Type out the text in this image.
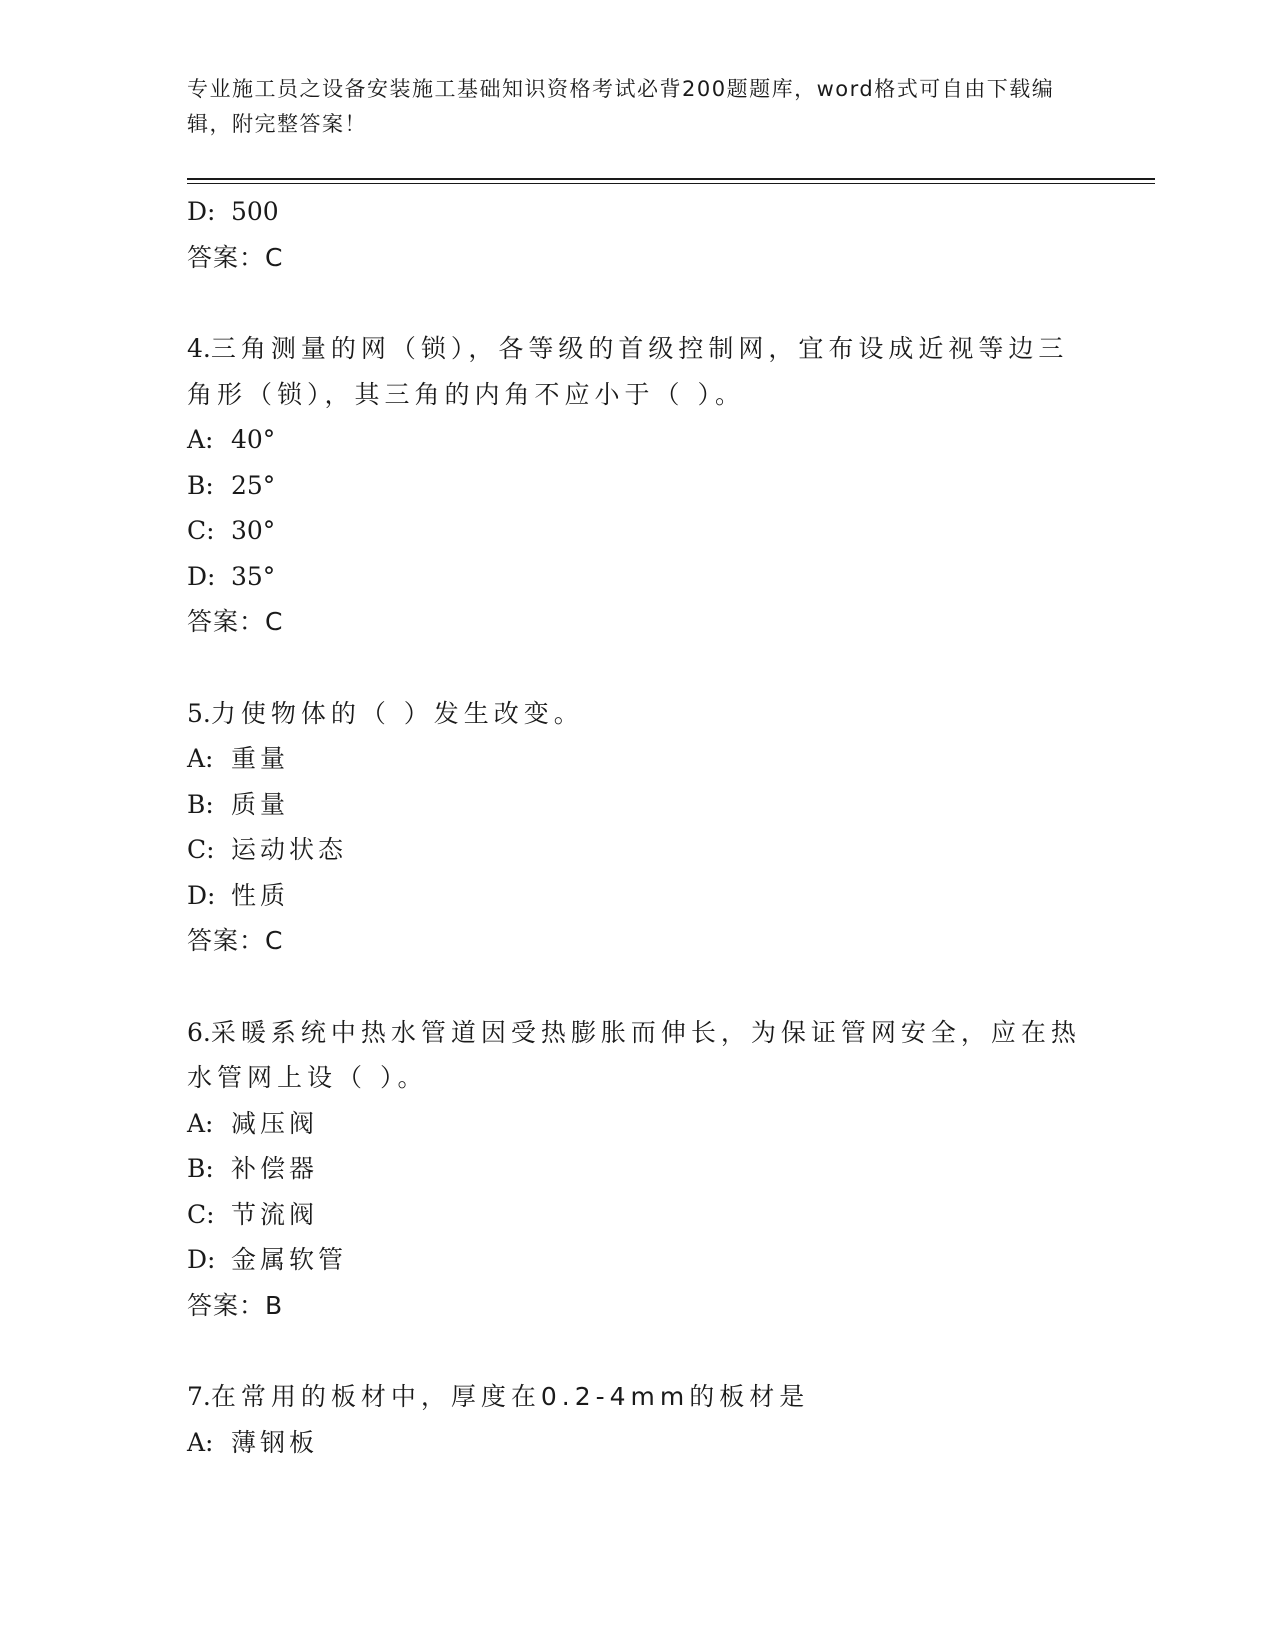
专业施工员之设备安装施工基础知识资格考试必背200题题库，word格式可自由下载编辑，附完整答案！
D: 500
答案：C
4.三角测量的网（锁），各等级的首级控制网，宜布设成近视等边三
角形（锁），其三角的内角不应小于（ ）。
A: 40°
B: 25°
C: 30°
D: 35°
答案：C
5.力使物体的（ ）发生改变。
A: 重量
B: 质量
C: 运动状态
D: 性质
答案：C
6.采暖系统中热水管道因受热膨胀而伸长，为保证管网安全，应在热
水管网上设（ ）。
A: 减压阀
B: 补偿器
C: 节流阀
D: 金属软管
答案：B
7.在常用的板材中，厚度在0.2-4mm的板材是
A: 薄钢板
